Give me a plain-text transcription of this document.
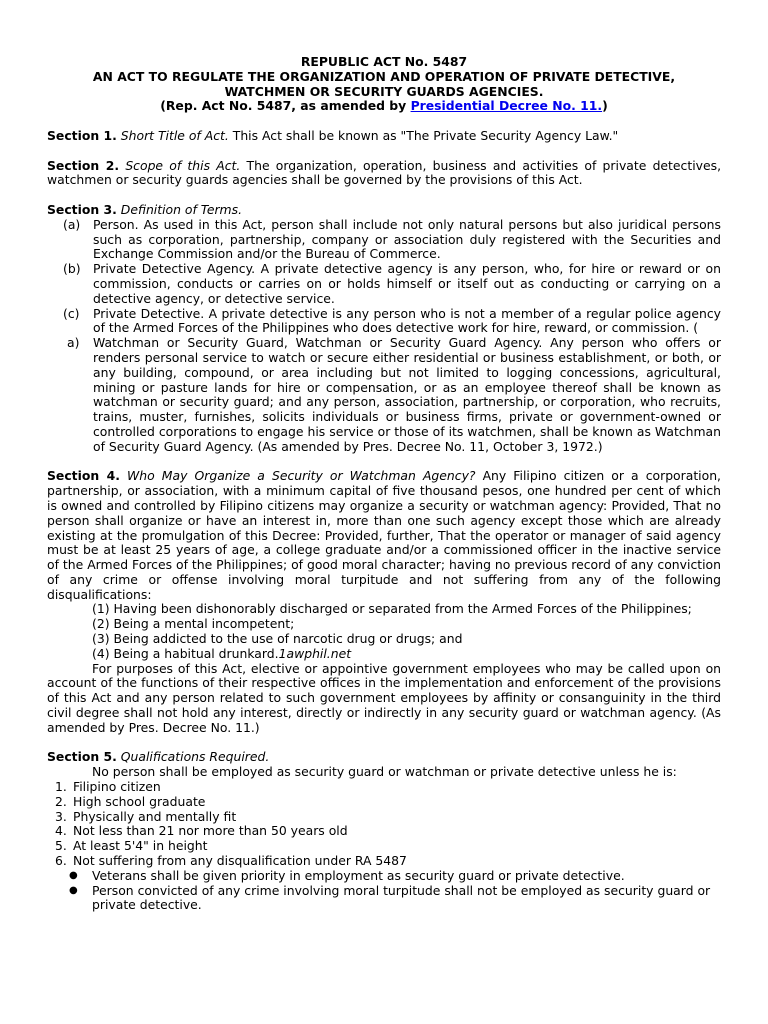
REPUBLIC ACT No. 5487
AN ACT TO REGULATE THE ORGANIZATION AND OPERATION OF PRIVATE DETECTIVE,
WATCHMEN OR SECURITY GUARDS AGENCIES.
(Rep. Act No. 5487, as amended by Presidential Decree No. 11.)
Section 1. Short Title of Act. This Act shall be known as "The Private Security Agency Law."
Section 2. Scope of this Act. The organization, operation, business and activities of private detectives, watchmen or security guards agencies shall be governed by the provisions of this Act.
Section 3. Definition of Terms.
(a)	Person. As used in this Act, person shall include not only natural persons but also juridical persons such as corporation, partnership, company or association duly registered with the Securities and Exchange Commission and/or the Bureau of Commerce.
(b)	Private Detective Agency. A private detective agency is any person, who, for hire or reward or on commission, conducts or carries on or holds himself or itself out as conducting or carrying on a detective agency, or detective service.
(c)	Private Detective. A private detective is any person who is not a member of a regular police agency of the Armed Forces of the Philippines who does detective work for hire, reward, or commission. (
a)	Watchman or Security Guard, Watchman or Security Guard Agency. Any person who offers or renders personal service to watch or secure either residential or business establishment, or both, or any building, compound, or area including but not limited to logging concessions, agricultural, mining or pasture lands for hire or compensation, or as an employee thereof shall be known as watchman or security guard; and any person, association, partnership, or corporation, who recruits, trains, muster, furnishes, solicits individuals or business firms, private or government-owned or controlled corporations to engage his service or those of its watchmen, shall be known as Watchman of Security Guard Agency. (As amended by Pres. Decree No. 11, October 3, 1972.)
Section 4. Who May Organize a Security or Watchman Agency? Any Filipino citizen or a corporation, partnership, or association, with a minimum capital of five thousand pesos, one hundred per cent of which is owned and controlled by Filipino citizens may organize a security or watchman agency: Provided, That no person shall organize or have an interest in, more than one such agency except those which are already existing at the promulgation of this Decree: Provided, further, That the operator or manager of said agency must be at least 25 years of age, a college graduate and/or a commissioned officer in the inactive service of the Armed Forces of the Philippines; of good moral character; having no previous record of any conviction of any crime or offense involving moral turpitude and not suffering from any of the following disqualifications:
(1) Having been dishonorably discharged or separated from the Armed Forces of the Philippines;
(2) Being a mental incompetent;
(3) Being addicted to the use of narcotic drug or drugs; and
(4) Being a habitual drunkard.1awphil.net
For purposes of this Act, elective or appointive government employees who may be called upon on account of the functions of their respective offices in the implementation and enforcement of the provisions of this Act and any person related to such government employees by affinity or consanguinity in the third civil degree shall not hold any interest, directly or indirectly in any security guard or watchman agency. (As amended by Pres. Decree No. 11.)
Section 5. Qualifications Required.
No person shall be employed as security guard or watchman or private detective unless he is:
1. Filipino citizen
2. High school graduate
3. Physically and mentally fit
4. Not less than 21 nor more than 50 years old
5. At least 5'4" in height
6. Not suffering from any disqualification under RA 5487
●	Veterans shall be given priority in employment as security guard or private detective.
●	Person convicted of any crime involving moral turpitude shall not be employed as security guard or private detective.
